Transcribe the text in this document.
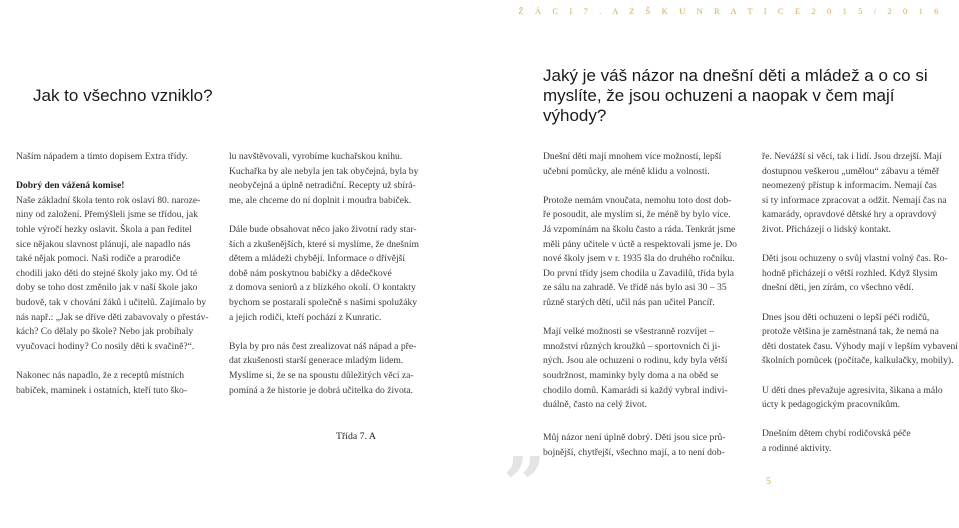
Ž Á C I 7 . A Z Š K U N R A T I C E 2 0 1 5 / 2 0 1 6
Jak to všechno vzniklo?
Jaký je váš názor na dnešní děti a mládež a o co si
myslíte, že jsou ochuzeni a naopak v čem mají výhody?
Naším nápadem a tímto dopisem Extra třídy.
Dobrý den vážená komise!
Naše základní škola tento rok oslaví 80. naroze-
niny od založení. Přemýšleli jsme se třídou, jak
tohle výročí hezky oslavit. Škola a pan ředitel
sice nějakou slavnost plánují, ale napadlo nás
také nějak pomoci. Naši rodiče a prarodiče
chodili jako děti do stejné školy jako my. Od té
doby se toho dost změnilo jak v naší škole jako
budově, tak v chování žáků i učitelů. Zajímalo by
nás např.: „Jak se dříve děti zabavovaly o přestáv-
kách? Co dělaly po škole? Nebo jak probíhaly
vyučovací hodiny? Co nosily děti k svačině?“.
Nakonec nás napadlo, že z receptů místních
babiček, maminek i ostatních, kteří tuto ško-
lu navštěvovali, vyrobíme kuchařskou knihu.
Kuchařka by ale nebyla jen tak obyčejná, byla by
neobyčejná a úplně netradiční. Recepty už sbírá-
me, ale chceme do ní doplnit i moudra babiček.
Dále bude obsahovat něco jako životní rady star-
ších a zkušenějších, které si myslíme, že dnešním
dětem a mládeži chybějí. Informace o dřívější
době nám poskytnou babičky a dědečkové
z domova seniorů a z blízkého okolí. O kontakty
bychom se postarali společně s našimi spolužáky
a jejich rodiči, kteří pochází z Kunratic.
Byla by pro nás čest zrealizovat náš nápad a pře-
dat zkušenosti starší generace mladým lidem.
Myslíme si, že se na spoustu důležitých věcí za-
pomíná a že historie je dobrá učitelka do života.
Dnešní děti mají mnohem více možností, lepší
učební pomůcky, ale méně klidu a volnosti.
Protože nemám vnoučata, nemohu toto dost dob-
ře posoudit, ale myslím si, že méně by bylo více.
Já vzpomínám na školu často a ráda. Tenkrát jsme
měli pány učitele v úctě a respektovali jsme je. Do
nové školy jsem v r. 1935 šla do druhého ročníku.
Do první třídy jsem chodila u Zavadilů, třída byla
ze sálu na zahradě. Ve třídě nás bylo asi 30 – 35
různě starých dětí, učil nás pan učitel Pancíř.
Mají velké možnosti se všestranně rozvíjet –
množství různých kroužků – sportovních či ji-
ných. Jsou ale ochuzeni o rodinu, kdy byla větší
soudržnost, maminky byly doma a na oběd se
chodilo domů. Kamarádi si každý vybral indivi-
duálně, často na celý život.
ře. Nevážší si věcí, tak i lidí. Jsou drzejší. Mají
dostupnou veškerou „umělou“ zábavu a téměř
neomezený přístup k informacím. Nemají čas
si ty informace zpracovat a odžít. Nemají čas na
kamarády, opravdové dětské hry a opravdový
život. Přicházejí o lidský kontakt.
Děti jsou ochuzeny o svůj vlastní volný čas. Ro-
hodně přicházejí o větší rozhled. Když šlysim
dnešní děti, jen zírám, co všechno vědí.
Dnes jsou děti ochuzeni o lepší péči rodičů,
protože většina je zaměstnaná tak, že nemá na
děti dostatek času. Výhody mají v lepším vybavení
školních pomůcek (počítače, kalkulačky, mobily).
U dětí dnes převažuje agresivita, šikana a málo
úcty k pedagogickým pracovníkům.
Dnešním dětem chybí rodičovská péče
a rodinné aktivity.
Třída 7. A
”
Můj názor není úplně dobrý. Děti jsou sice prů-
bojnější, chytřejší, všechno mají, a to není dob-
5
